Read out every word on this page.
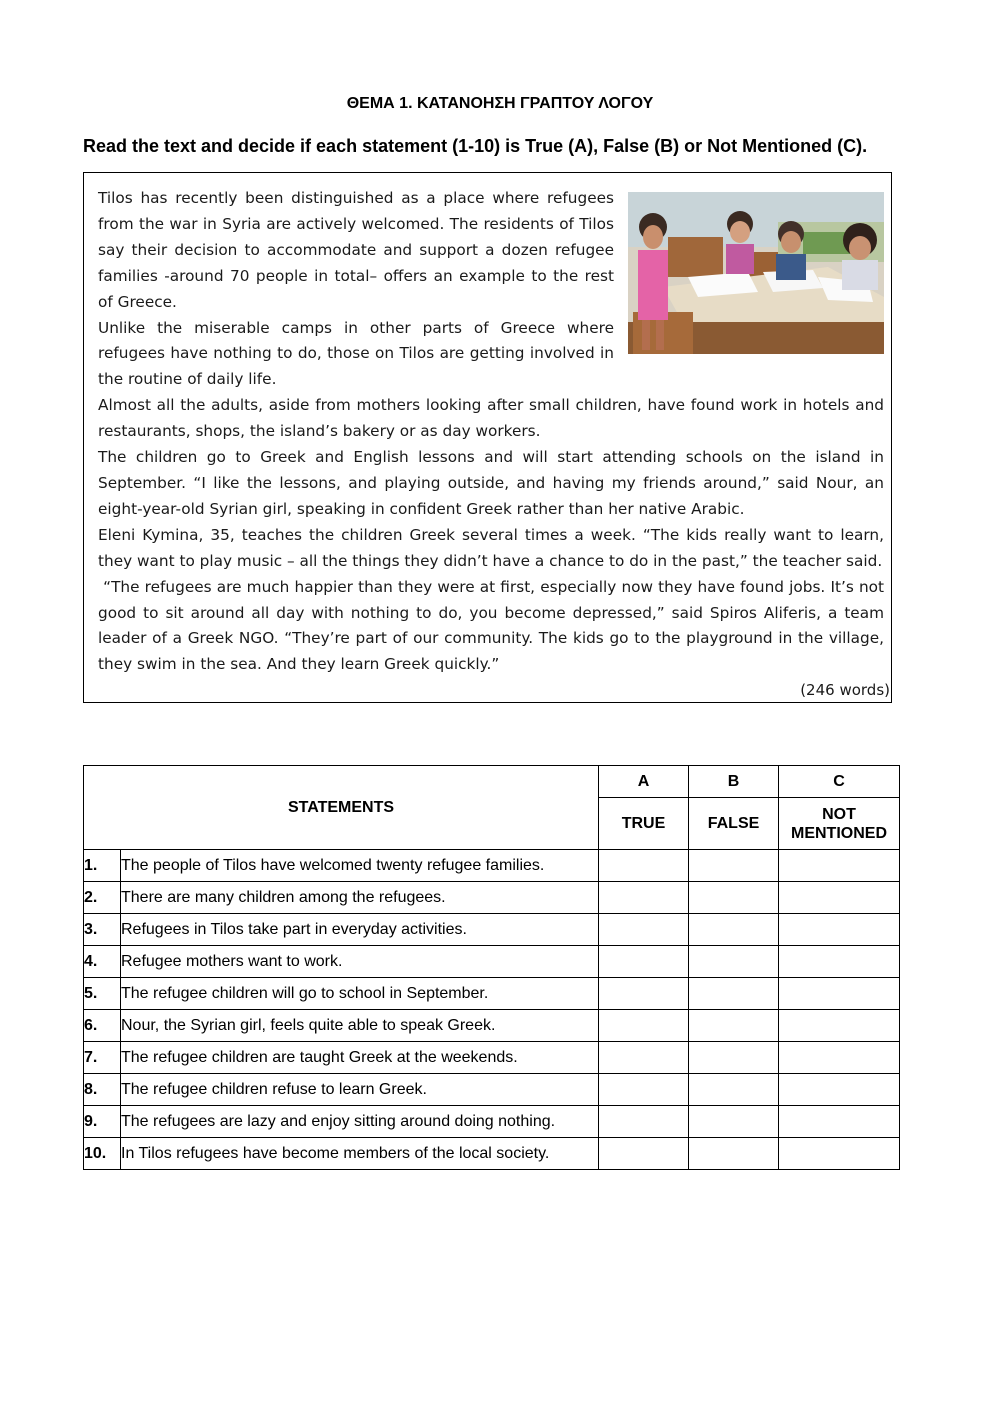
ΘΕΜΑ 1. ΚΑΤΑΝΟΗΣΗ ΓΡΑΠΤΟΥ ΛΟΓΟΥ

Read the text and decide if each statement (1-10) is True (A), False (B) or Not Mentioned (C).

Tilos has recently been distinguished as a place where refugees from the war in Syria are actively welcomed. The residents of Tilos say their decision to accommodate and support a dozen refugee families -around 70 people in total– offers an example to the rest of Greece.

Unlike the miserable camps in other parts of Greece where refugees have nothing to do, those on Tilos are getting involved in the routine of daily life.

Almost all the adults, aside from mothers looking after small children, have found work in hotels and restaurants, shops, the island’s bakery or as day workers.

The children go to Greek and English lessons and will start attending schools on the island in September. “I like the lessons, and playing outside, and having my friends around,” said Nour, an eight-year-old Syrian girl, speaking in confident Greek rather than her native Arabic.

Eleni Kymina, 35, teaches the children Greek several times a week. “The kids really want to learn, they want to play music – all the things they didn’t have a chance to do in the past,” the teacher said.

“The refugees are much happier than they were at first, especially now they have found jobs. It’s not good to sit around all day with nothing to do, you become depressed,” said Spiros Aliferis, a team leader of a Greek NGO. “They’re part of our community. The kids go to the playground in the village, they swim in the sea. And they learn Greek quickly.”

(246 words)
STATEMENTS		A	B	C
		TRUE	FALSE	NOT MENTIONED
1.	The people of Tilos have welcomed twenty refugee families.			
2.	There are many children among the refugees.			
3.	Refugees in Tilos take part in everyday activities.			
4.	Refugee mothers want to work.			
5.	The refugee children will go to school in September.			
6.	Nour, the Syrian girl, feels quite able to speak Greek.			
7.	The refugee children are taught Greek at the weekends.			
8.	The refugee children refuse to learn Greek.			
9.	The refugees are lazy and enjoy sitting around doing nothing.			
10.	In Tilos refugees have become members of the local society.			
